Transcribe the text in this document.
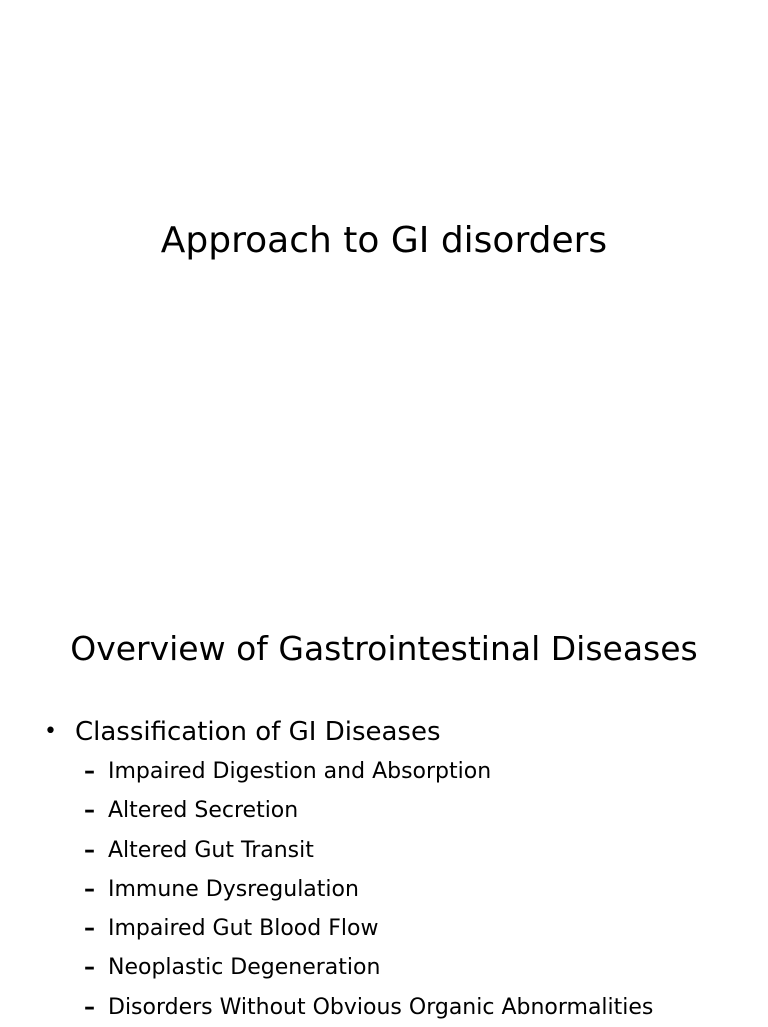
Approach to GI disorders
Overview of Gastrointestinal Diseases
• Classification of GI Diseases
– Impaired Digestion and Absorption
– Altered Secretion
– Altered Gut Transit
– Immune Dysregulation
– Impaired Gut Blood Flow
– Neoplastic Degeneration
– Disorders Without Obvious Organic Abnormalities
